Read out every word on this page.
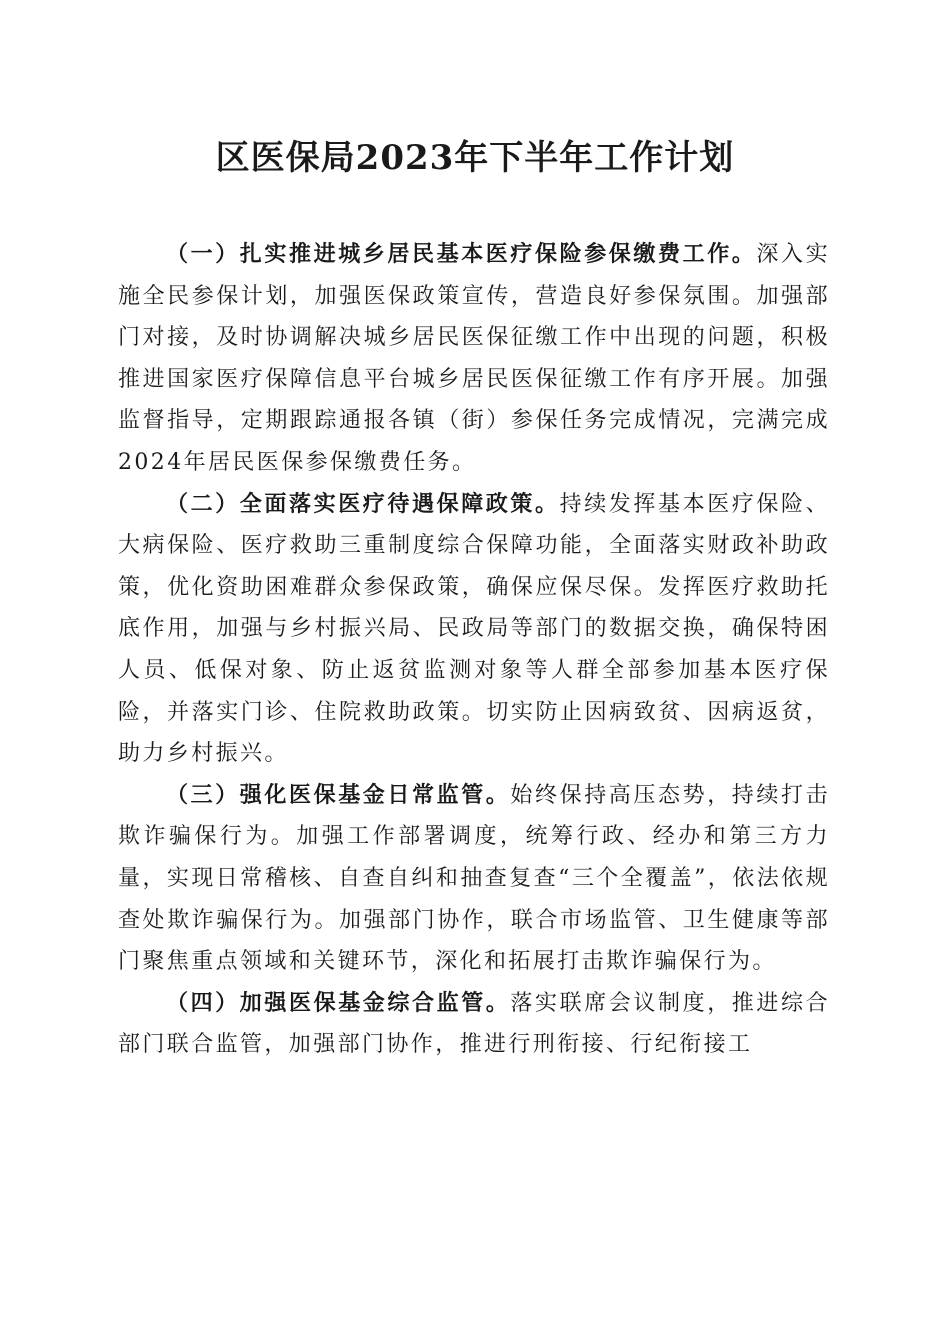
区医保局2023年下半年工作计划

（一）扎实推进城乡居民基本医疗保险参保缴费工作。深入实施全民参保计划，加强医保政策宣传，营造良好参保氛围。加强部门对接，及时协调解决城乡居民医保征缴工作中出现的问题，积极推进国家医疗保障信息平台城乡居民医保征缴工作有序开展。加强监督指导，定期跟踪通报各镇（街）参保任务完成情况，完满完成2024年居民医保参保缴费任务。

（二）全面落实医疗待遇保障政策。持续发挥基本医疗保险、大病保险、医疗救助三重制度综合保障功能，全面落实财政补助政策，优化资助困难群众参保政策，确保应保尽保。发挥医疗救助托底作用，加强与乡村振兴局、民政局等部门的数据交换，确保特困人员、低保对象、防止返贫监测对象等人群全部参加基本医疗保险，并落实门诊、住院救助政策。切实防止因病致贫、因病返贫，助力乡村振兴。

（三）强化医保基金日常监管。始终保持高压态势，持续打击欺诈骗保行为。加强工作部署调度，统筹行政、经办和第三方力量，实现日常稽核、自查自纠和抽查复查“三个全覆盖”，依法依规查处欺诈骗保行为。加强部门协作，联合市场监管、卫生健康等部门聚焦重点领域和关键环节，深化和拓展打击欺诈骗保行为。

（四）加强医保基金综合监管。落实联席会议制度，推进综合部门联合监管，加强部门协作，推进行刑衔接、行纪衔接工
